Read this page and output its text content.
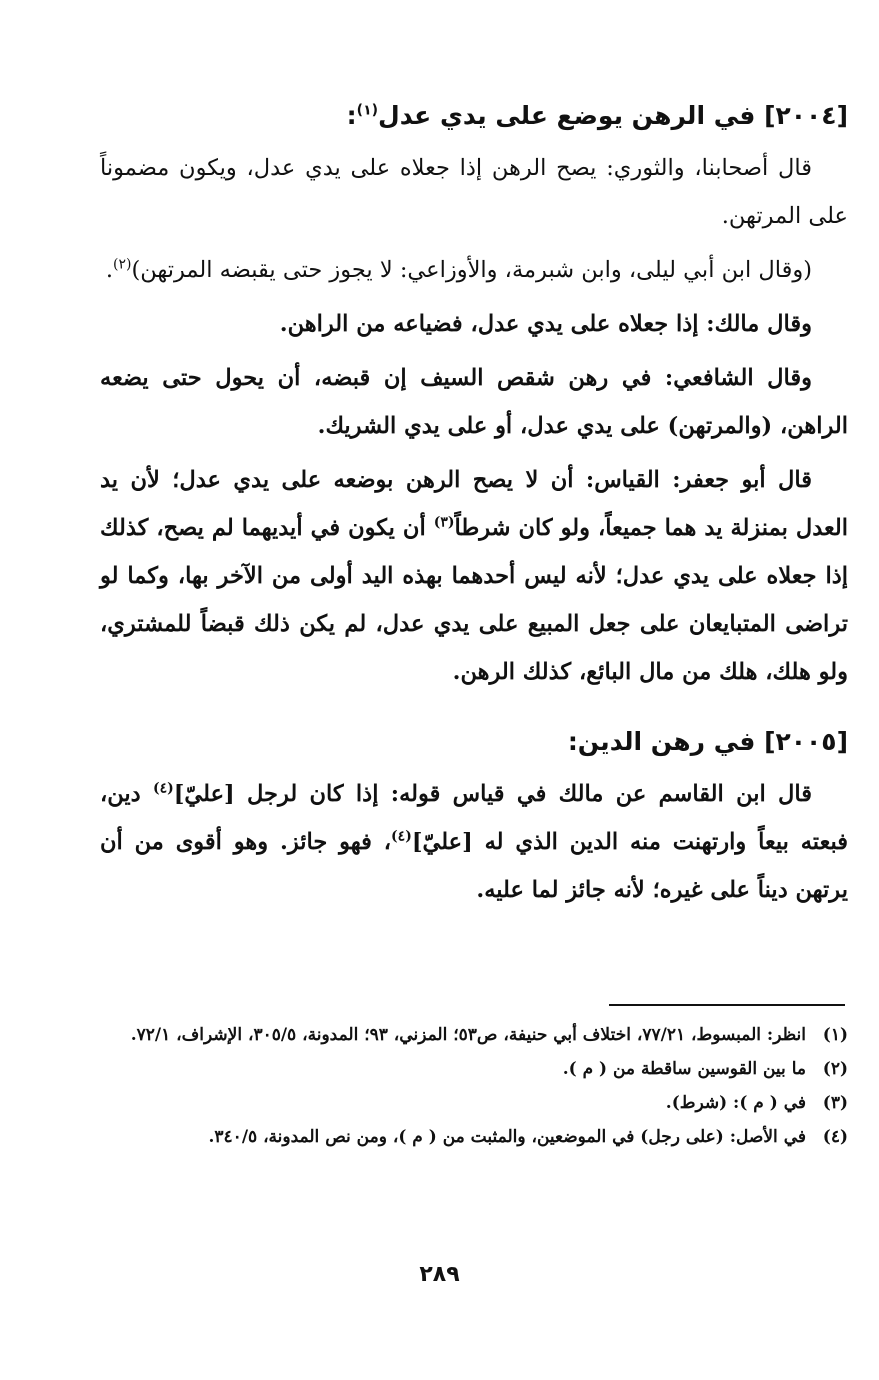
[٢٠٠٤] في الرهن يوضع على يدي عدل$^{(١)}$:

قال أصحابنا، والثوري: يصح الرهن إذا جعلاه على يدي عدل، ويكون مضموناً على المرتهن.

(وقال ابن أبي ليلى، وابن شبرمة، والأوزاعي: لا يجوز حتى يقبضه المرتهن)$^{(٢)}$.

وقال مالك: إذا جعلاه على يدي عدل، فضياعه من الراهن.

وقال الشافعي: في رهن شقص السيف إن قبضه، أن يحول حتى يضعه الراهن، (والمرتهن) على يدي عدل، أو على يدي الشريك.

قال أبو جعفر: القياس: أن لا يصح الرهن بوضعه على يدي عدل؛ لأن يد العدل بمنزلة يد هما جميعاً، ولو كان شرطاً$^{(٣)}$ أن يكون في أيديهما لم يصح، كذلك إذا جعلاه على يدي عدل؛ لأنه ليس أحدهما بهذه اليد أولى من الآخر بها، وكما لو تراضى المتبايعان على جعل المبيع على يدي عدل، لم يكن ذلك قبضاً للمشتري، ولو هلك، هلك من مال البائع، كذلك الرهن.

[٢٠٠٥] في رهن الدين:

قال ابن القاسم عن مالك في قياس قوله: إذا كان لرجل [عليّ]$^{(٤)}$ دين، فبعته بيعاً وارتهنت منه الدين الذي له [عليّ]$^{(٤)}$، فهو جائز. وهو أقوى من أن يرتهن ديناً على غيره؛ لأنه جائز لما عليه.

(١)
انظر: المبسوط، ٧٧/٢١، اختلاف أبي حنيفة، ص٥٣؛ المزني، ٩٣؛ المدونة، ٣٠٥/٥، الإشراف، ٧٢/١.
(٢)
ما بين القوسين ساقطة من ( م ).
(٣)
في ( م ): (شرط).
(٤)
في الأصل: (على رجل) في الموضعين، والمثبت من ( م )، ومن نص المدونة، ٣٤٠/٥.
٢٨٩
